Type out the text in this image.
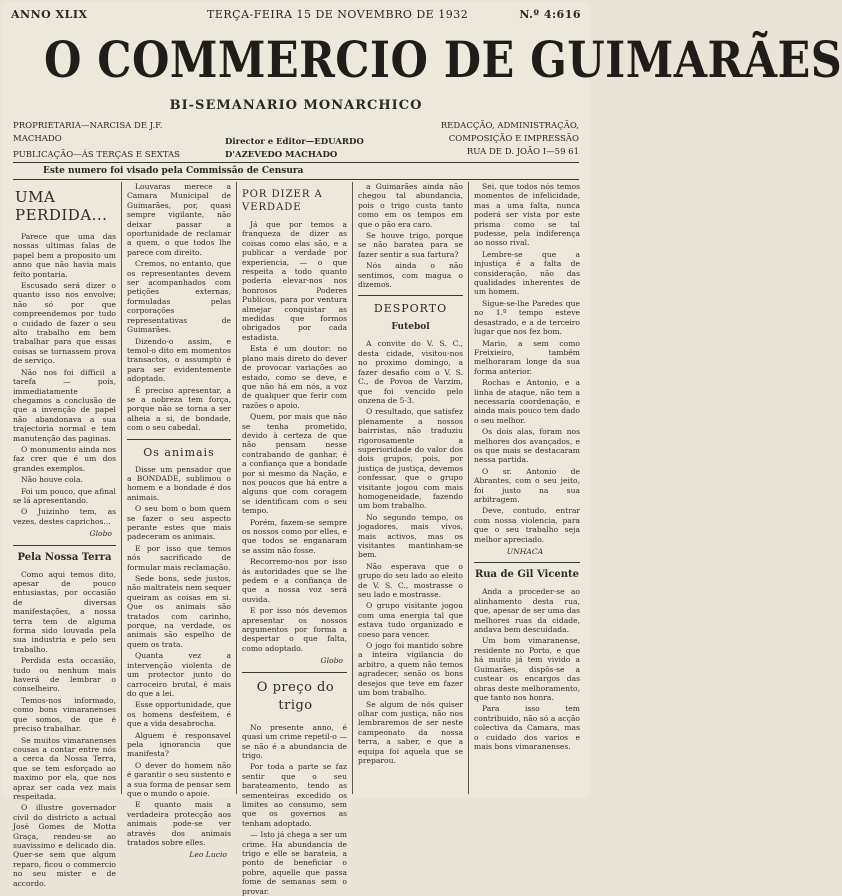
ANNO XLIX	TERÇA-FEIRA 15 DE NOVEMBRO DE 1932	N.º 4:616
O COMMERCIO DE GUIMARÃES
BI-SEMANARIO MONARCHICO
PROPRIETARIA—NARCISA DE J.F. MACHADO
PUBLICAÇÃO—ÁS TERÇAS E SEXTAS
Director e Editor—EDUARDO D'AZEVEDO MACHADO
REDACÇÃO, ADMINISTRAÇÃO, COMPOSIÇÃO E IMPRESSÃO
RUA DE D. JOÃO I—59 61
Este numero foi visado pela Commissão de Censura
UMA PERDIDA...

Parece que uma das nossas ultimas falas de papel bem a proposito um anno que não havia mais feito pontaria.

Escusado será dizer o quanto isso nos envolve; não só por que compreendemos por tudo o cuidado de fazer o seu alto trabalho em bem trabalhar para que essas coisas se tornassem prova de serviço.

Não nos foi difficil a tarefa — pois, immediatamente chegamos a conclusão de que a invenção de papel não abandonava a sua trajectoria normal e tem manutenção das paginas.

O monumento ainda nos faz crer que é um dos grandes exemplos.

Não houve cola.

Foi um pouco, que afinal se lá apresentando.

O Juizinho tem, as vezes, destes caprichos...

Globo

Pela Nossa Terra

Como aqui temos dito, apesar de pouco entusiastas, por occasião de diversas manifestações, a nossa terra tem de alguma forma sido louvada pela sua industria e pelo seu trabalho.

Perdida esta occasião, tudo ou nenhum mais haverá de lembrar o conselheiro.

Temos-nos informado, como bons vimaranenses que somos, de que é preciso trabalhar.

Se muitos vimaranenses cousas a contar entre nós a cerca da Nossa Terra, que se tem esforçado ao maximo por ela, que nos apraz ser cada vez mais respeitada.

O illustre governador civil do districto a actual José Gomes de Motta Graça, rendeu-se ao suavissimo e delicado dia. Quer-se sem que algum reparo, ficou o commercio no seu mister e de accordo.

Louvaras merece a Camara Municipal de Guimarães, por, quasi sempre vigilante, não deixar passar a oportunidade de reclamar a quem, o que todos lhe parece com direito.

Cremos, no entanto, que os representantes devem ser acompanhados com petições externas, formuladas pelas corporações representativas de Guimarães.

Dizendo-o assim, e temol-o dito em momentos transactos, o assumpto é para ser evidentemente adoptado.

É preciso apresentar, a se a nobreza tem força, porque não se torna a ser alheia a si, de bondade, com o seu cabedal.

Os animais

Disse um pensador que a BONDADE, sublimou o homem e a bondade é dos animais.

O seu bom o bom quem se fazer o seu aspecto perante estes que mais padeceram os animais.

E por isso que temos nós sacrificado de formular mais reclamação.

Sede bons, sede justos, não maltrateis nem sequer queiram as coisas em si. Que os animais são tratados com carinho, porque, na verdade, os animais são espelho de quem os trata.

Quanta vez a intervenção violenta de um protector junto do carroceiro brutal, é mais do que a lei.

Esse opportunidade, que os homens desfeitem, é que a vida desabrocha.

Alguem é responsavel pela ignorancia que manifesta?

O dever do homem não é garantir o seu sustento e a sua forma de pensar sem que o mundo o apoie.

E quanto mais a verdadeira protecção aos animais pode-se ver através dos animais tratados sobre elles.

Leo Lucio

POR DIZER A VERDADE

Já que por temos a franqueza de dizer as coisas como elas são, e a publicar a verdade por experiencia, — o que respeita a todo quanto poderia elevar-nos nos honrosos Poderes Publicos, para por ventura almejar conquistar as medidas que formos obrigados por cada estadista.

Esta é um doutor: no plano mais direto do dever de provocar variações ao estado, como se deve, e que não há em nós, a voz de qualquer que ferir com razões o apoio.

Quem, por mais que não se tenha prometido, devido à certeza de que não pensam nesse contrabando de ganhar, é a confiança que a bondade por si mesmo da Nação, e nos poucos que há entre a alguns que com coragem se identificam com o seu tempo.

Porém, fazem-se sempre os nossos como por elles, e que todos se enganaram se assim não fosse.

Recorremo-nos por isso ás autoridades que se lhe pedem e a confiança de que a nossa voz será ouvida.

E por isso nós devemos apresentar os nossos argumentos por forma a despertar o que falta, como adoptado.

Globo

O preço do trigo

No presente anno, é quasi um crime repetil-o — se não é a abundancia de trigo.

Por toda a parte se faz sentir que o seu barateamento, tendo as sementeiras excedido os limites ao consumo, sem que os governos as tenham adoptado.

— Isto já chega a ser um crime. Ha abundancia de trigo e elle se barateia, a ponto de beneficiar o pobre, aquelle que passa fome de semanas sem o provar.

a Guimarães ainda não chegou tal abundancia, pois o trigo custa tanto como em os tempos em que o pão era caro.

Se houve trigo, porque se não baratea para se fazer sentir a sua fartura?

Nós ainda o não sentimos, com magua o dizemos.

DESPORTO
Futebol

A convite do V. S. C., desta cidade, visitou-nos no proximo domingo, a fazer desafio com o V. S. C., de Povoa de Varzim, que foi vencido pelo onzena de 5-3.

O resultado, que satisfez plenamente a nossos bairristas, não traduziu rigorosamente a superioridade do valor dos dois grupos, pois, por justiça de justiça, devemos confessar, que o grupo visitante jogou com mais homogeneidade, fazendo um bom trabalho.

No segundo tempo, os jogadores, mais vivos, mais activos, mas os visitantes mantinham-se bem.

Não esperava que o grupo do seu lado ao eleito de V. S. C., mostrasse o seu lado e mostrasse.

O grupo visitante jogou com uma energia tal que estava tudo organizado e coeso para vencer.

O jogo foi mantido sobre a inteira vigilancia do arbitro, a quem não temos agradecer, senão os bons desejos que teve em fazer um bom trabalho.

Se algum de nós quiser olhar com justiça, não nos lembraremos de ser neste campeonato da nossa terra, a saber, e que a equipa foi aquela que se preparou.

Sei, que todos nós temos momentos de infelicidade, mas a uma falta, nunca poderá ser vista por este prisma como se tal pudesse, pela indiferença ao nosso rival.

Lembre-se que a injustiça é a falta de consideração, não das qualidades inherentes de um homem.

Sigue-se-lhe Paredes que no 1.º tempo esteve desastrado, e a de terceiro lugar que nos fez bom.

Mario, a sem como Freixieiro, também melhoraram longe da sua forma anterior.

Rochas e Antonio, e a linha de ataque, não tem a necessaria coordenação, e ainda mais pouco tem dado o seu melhor.

Os dois alas, foram nos melhores dos avançados, e os que mais se destacaram nessa partida.

O sr. Antonio de Abrantes, com o seu jeito, foi justo na sua arbitragem.

Deve, contudo, entrar com nossa violencia, para que o seu trabalho seja melhor apreciado.

UNHACA

Rua de Gil Vicente

Anda a proceder-se ao alinhamento desta rua, que, apesar de ser uma das melhores ruas da cidade, andava bem descuidada.

Um bom vimaranense, residente no Porto, e que há muito já tem vivido a Guimarães, dispôs-se a custear os encargos das obras deste melhoramento, que tanto nos honra.

Para isso tem contribuido, não só a acção colectiva da Camara, mas o cuidado dos varios e mais bons vimaranenses.
